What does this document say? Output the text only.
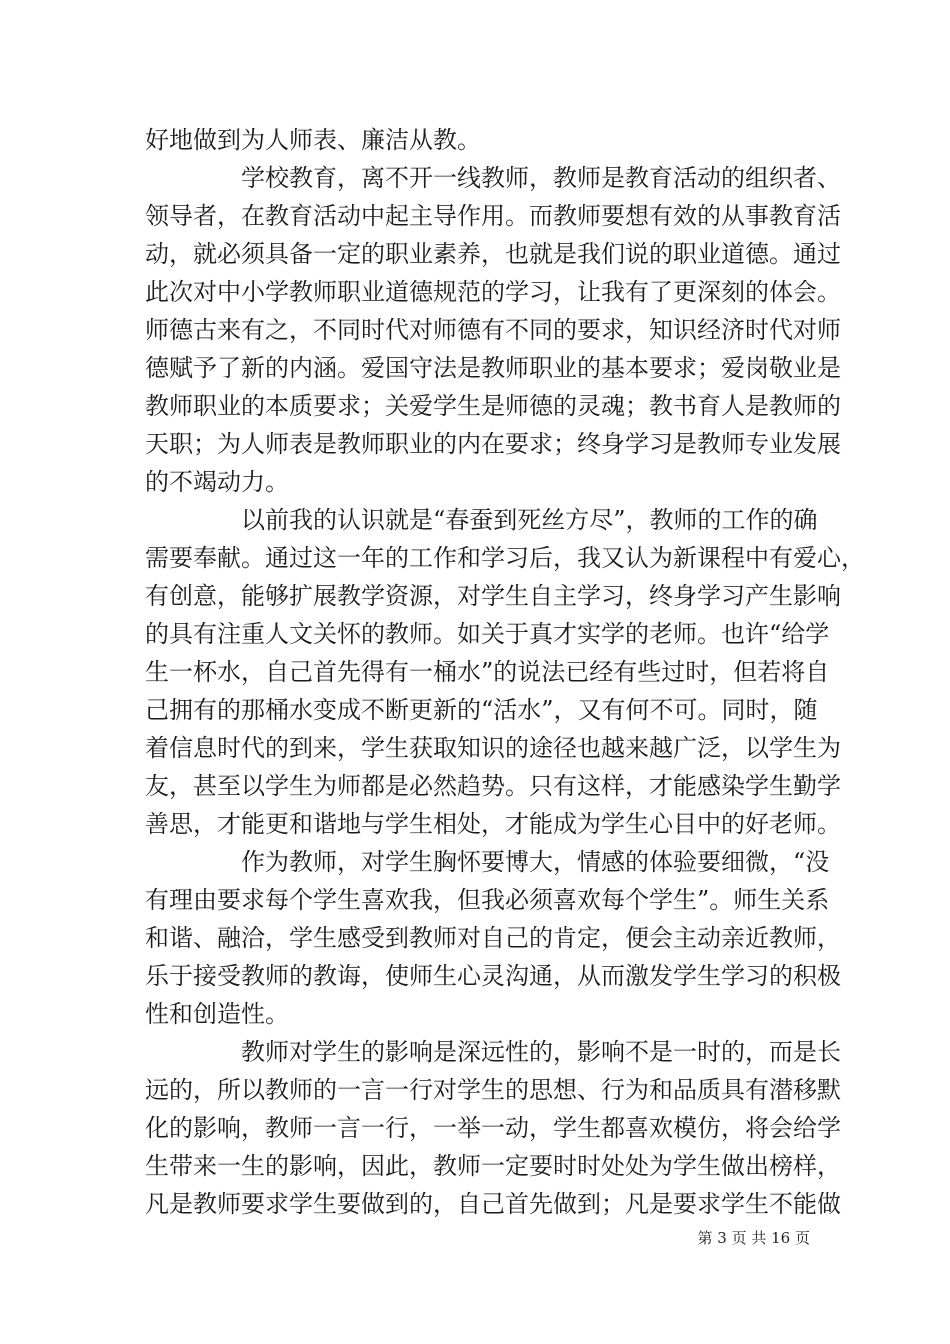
好地做到为人师表、廉洁从教。
学校教育，离不开一线教师，教师是教育活动的组织者、
领导者，在教育活动中起主导作用。而教师要想有效的从事教育活
动，就必须具备一定的职业素养，也就是我们说的职业道德。通过
此次对中小学教师职业道德规范的学习，让我有了更深刻的体会。
师德古来有之，不同时代对师德有不同的要求，知识经济时代对师
德赋予了新的内涵。爱国守法是教师职业的基本要求；爱岗敬业是
教师职业的本质要求；关爱学生是师德的灵魂；教书育人是教师的
天职；为人师表是教师职业的内在要求；终身学习是教师专业发展
的不竭动力。
以前我的认识就是“春蚕到死丝方尽”，教师的工作的确
需要奉献。通过这一年的工作和学习后，我又认为新课程中有爱心，
有创意，能够扩展教学资源，对学生自主学习，终身学习产生影响
的具有注重人文关怀的教师。如关于真才实学的老师。也许“给学
生一杯水，自己首先得有一桶水”的说法已经有些过时，但若将自
己拥有的那桶水变成不断更新的“活水”，又有何不可。同时，随
着信息时代的到来，学生获取知识的途径也越来越广泛，以学生为
友，甚至以学生为师都是必然趋势。只有这样，才能感染学生勤学
善思，才能更和谐地与学生相处，才能成为学生心目中的好老师。
作为教师，对学生胸怀要博大，情感的体验要细微，“没
有理由要求每个学生喜欢我，但我必须喜欢每个学生”。师生关系
和谐、融洽，学生感受到教师对自己的肯定，便会主动亲近教师，
乐于接受教师的教诲，使师生心灵沟通，从而激发学生学习的积极
性和创造性。
教师对学生的影响是深远性的，影响不是一时的，而是长
远的，所以教师的一言一行对学生的思想、行为和品质具有潜移默
化的影响，教师一言一行，一举一动，学生都喜欢模仿，将会给学
生带来一生的影响，因此，教师一定要时时处处为学生做出榜样，
凡是教师要求学生要做到的，自己首先做到；凡是要求学生不能做
第 3 页 共 16 页
